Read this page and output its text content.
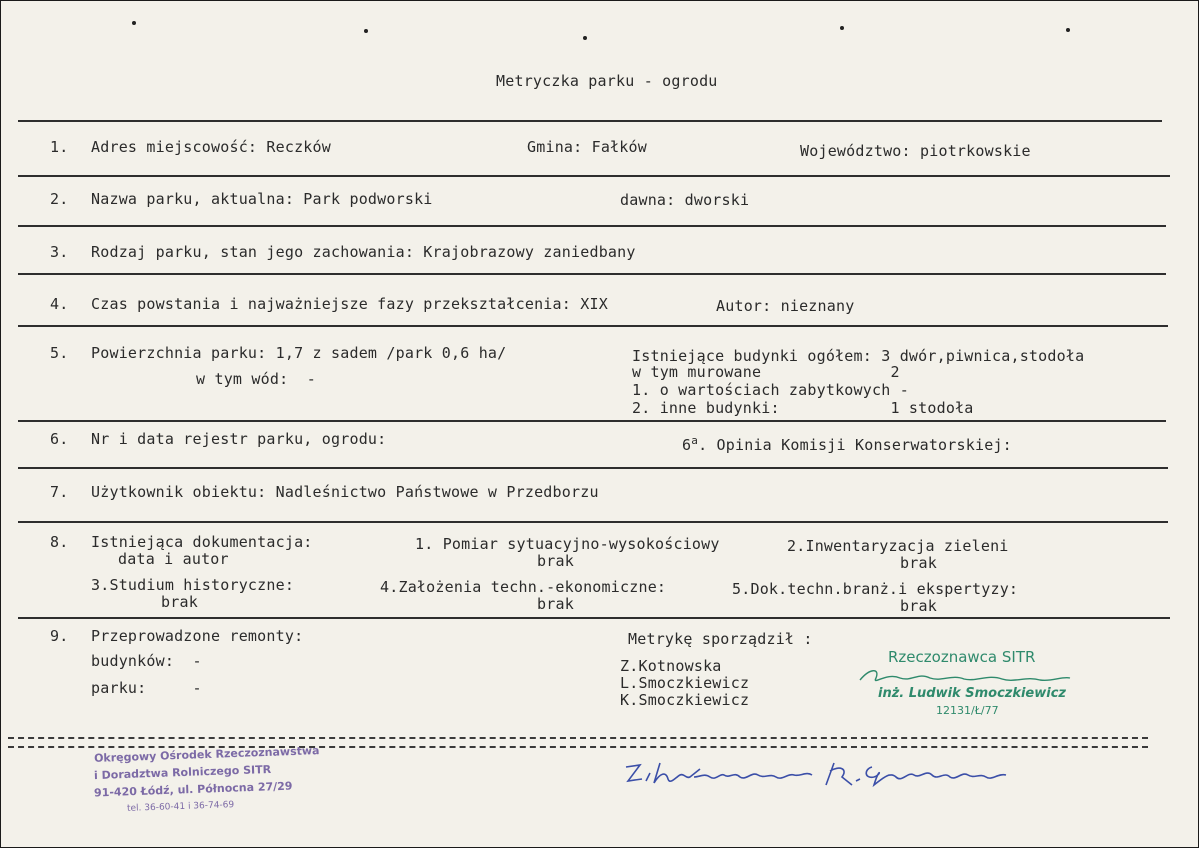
Metryczka parku - ogrodu
1. Adres miejscowość: Reczków	Gmina: Fałków	Województwo: piotrkowskie
2. Nazwa parku, aktualna: Park podworski	dawna: dworski
3. Rodzaj parku, stan jego zachowania: Krajobrazowy zaniedbany
4. Czas powstania i najważniejsze fazy przekształcenia: XIX	Autor: nieznany
5. Powierzchnia parku: 1,7 z sadem /park 0,6 ha/
w tym wód:  -
Istniejące budynki ogółem: 3 dwór,piwnica,stodoła
w tym murowane              2
1. o wartościach zabytkowych -
2. inne budynki:            1 stodoła
6. Nr i data rejestr parku, ogrodu:	6$^a$. Opinia Komisji Konserwatorskiej:
7. Użytkownik obiektu: Nadleśnictwo Państwowe w Przedborzu
8. Istniejąca dokumentacja:
data i autor
1. Pomiar sytuacyjno-wysokościowy
brak
2.Inwentaryzacja zieleni
brak
3.Studium historyczne:
brak
4.Założenia techn.-ekonomiczne:
brak
5.Dok.techn.branż.i ekspertyzy:
brak
9. Przeprowadzone remonty:
budynków:  -
parku:     -
Metrykę sporządził :
Z.Kotnowska
L.Smoczkiewicz
K.Smoczkiewicz
Rzeczoznawca SITR
inż. Ludwik Smoczkiewicz
12131/Ł/77
Okręgowy Ośrodek Rzeczoznawstwa
i Doradztwa Rolniczego SITR
91-420 Łódź, ul. Północna 27/29
tel. 36-60-41 i 36-74-69
